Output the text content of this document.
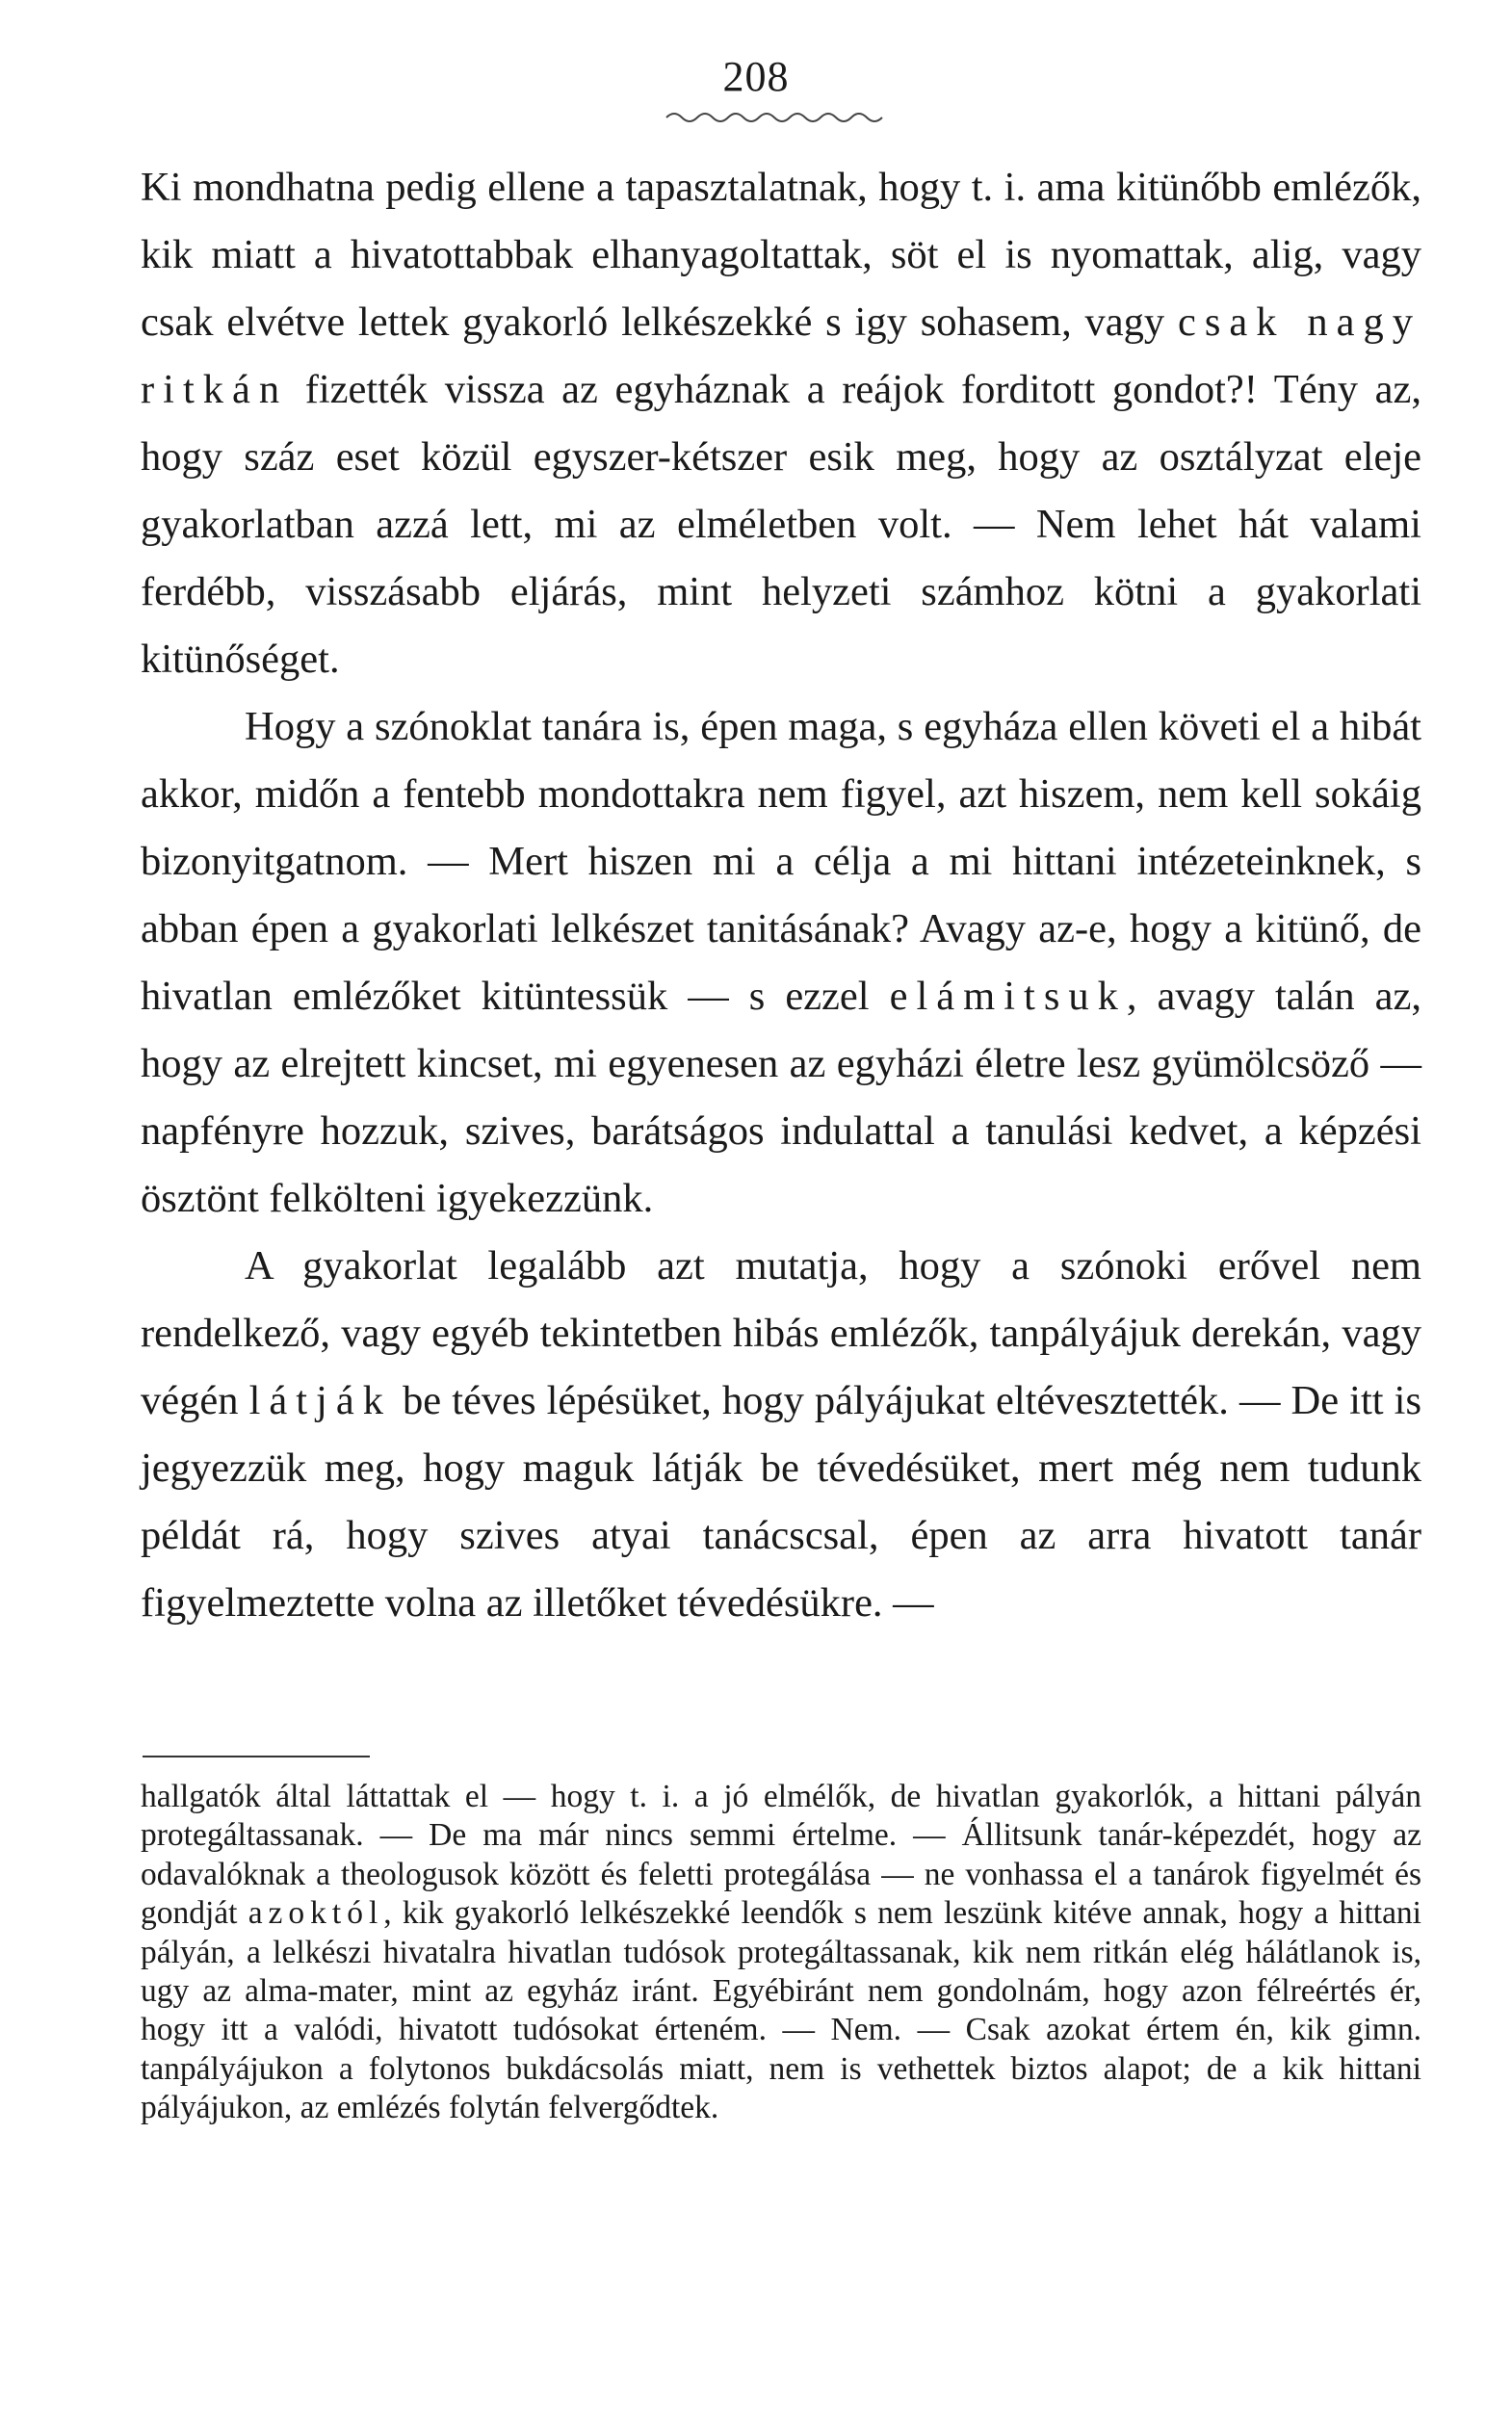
208

Ki mondhatna pedig ellene a tapasztalatnak, hogy t. i. ama kitünőbb emlézők, kik miatt a hivatottabbak elhanyagoltattak, söt el is nyomattak, alig, vagy csak elvétve lettek gyakorló lelkészekké s igy sohasem, vagy csak nagy ritkán fizették vissza az egyháznak a reájok forditott gondot?! Tény az, hogy száz eset közül egyszer-kétszer esik meg, hogy az osztályzat eleje gyakorlatban azzá lett, mi az elméletben volt. — Nem lehet hát valami ferdébb, visszásabb eljárás, mint helyzeti számhoz kötni a gyakorlati kitünőséget.

Hogy a szónoklat tanára is, épen maga, s egyháza ellen követi el a hibát akkor, midőn a fentebb mondottakra nem figyel, azt hiszem, nem kell sokáig bizonyitgatnom. — Mert hiszen mi a célja a mi hittani intézeteinknek, s abban épen a gyakorlati lelkészet tanitásának? Avagy az-e, hogy a kitünő, de hivatlan emlézőket kitüntessük — s ezzel elámitsuk, avagy talán az, hogy az elrejtett kincset, mi egyenesen az egyházi életre lesz gyümölcsöző — napfényre hozzuk, szives, barátságos indulattal a tanulási kedvet, a képzési ösztönt felkölteni igyekezzünk.

A gyakorlat legalább azt mutatja, hogy a szónoki erővel nem rendelkező, vagy egyéb tekintetben hibás emlézők, tanpályájuk derekán, vagy végén látják be téves lépésüket, hogy pályájukat eltévesztették. — De itt is jegyezzük meg, hogy maguk látják be tévedésüket, mert még nem tudunk példát rá, hogy szives atyai tanácscsal, épen az arra hivatott tanár figyelmeztette volna az illetőket tévedésükre. —

hallgatók által láttattak el — hogy t. i. a jó elmélők, de hivatlan gyakorlók, a hittani pályán protegáltassanak. — De ma már nincs semmi értelme. — Állitsunk tanár-képezdét, hogy az odavalóknak a theologusok között és feletti protegálása — ne vonhassa el a tanárok figyelmét és gondját azoktól, kik gyakorló lelkészekké leendők s nem leszünk kitéve annak, hogy a hittani pályán, a lelkészi hivatalra hivatlan tudósok protegáltassanak, kik nem ritkán elég hálátlanok is, ugy az alma-mater, mint az egyház iránt. Egyébiránt nem gondolnám, hogy azon félreértés ér, hogy itt a valódi, hivatott tudósokat érteném. — Nem. — Csak azokat értem én, kik gimn. tanpályájukon a folytonos bukdácsolás miatt, nem is vethettek biztos alapot; de a kik hittani pályájukon, az emlézés folytán felvergődtek.
